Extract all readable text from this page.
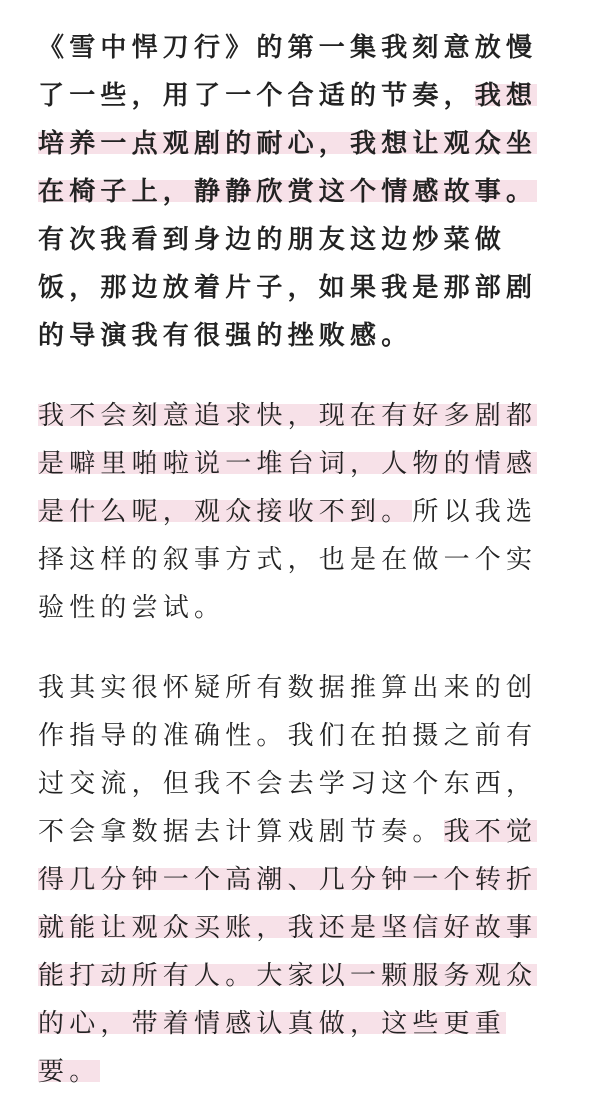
《雪中悍刀行》的第一集我刻意放慢了一些，用了一个合适的节奏，我想培养一点观剧的耐心，我想让观众坐在椅子上，静静欣赏这个情感故事。有次我看到身边的朋友这边炒菜做饭，那边放着片子，如果我是那部剧的导演我有很强的挫败感。

我不会刻意追求快，现在有好多剧都是噼里啪啦说一堆台词，人物的情感是什么呢，观众接收不到。所以我选择这样的叙事方式，也是在做一个实验性的尝试。

我其实很怀疑所有数据推算出来的创作指导的准确性。我们在拍摄之前有过交流，但我不会去学习这个东西，不会拿数据去计算戏剧节奏。我不觉得几分钟一个高潮、几分钟一个转折就能让观众买账，我还是坚信好故事能打动所有人。大家以一颗服务观众的心，带着情感认真做，这些更重要。
